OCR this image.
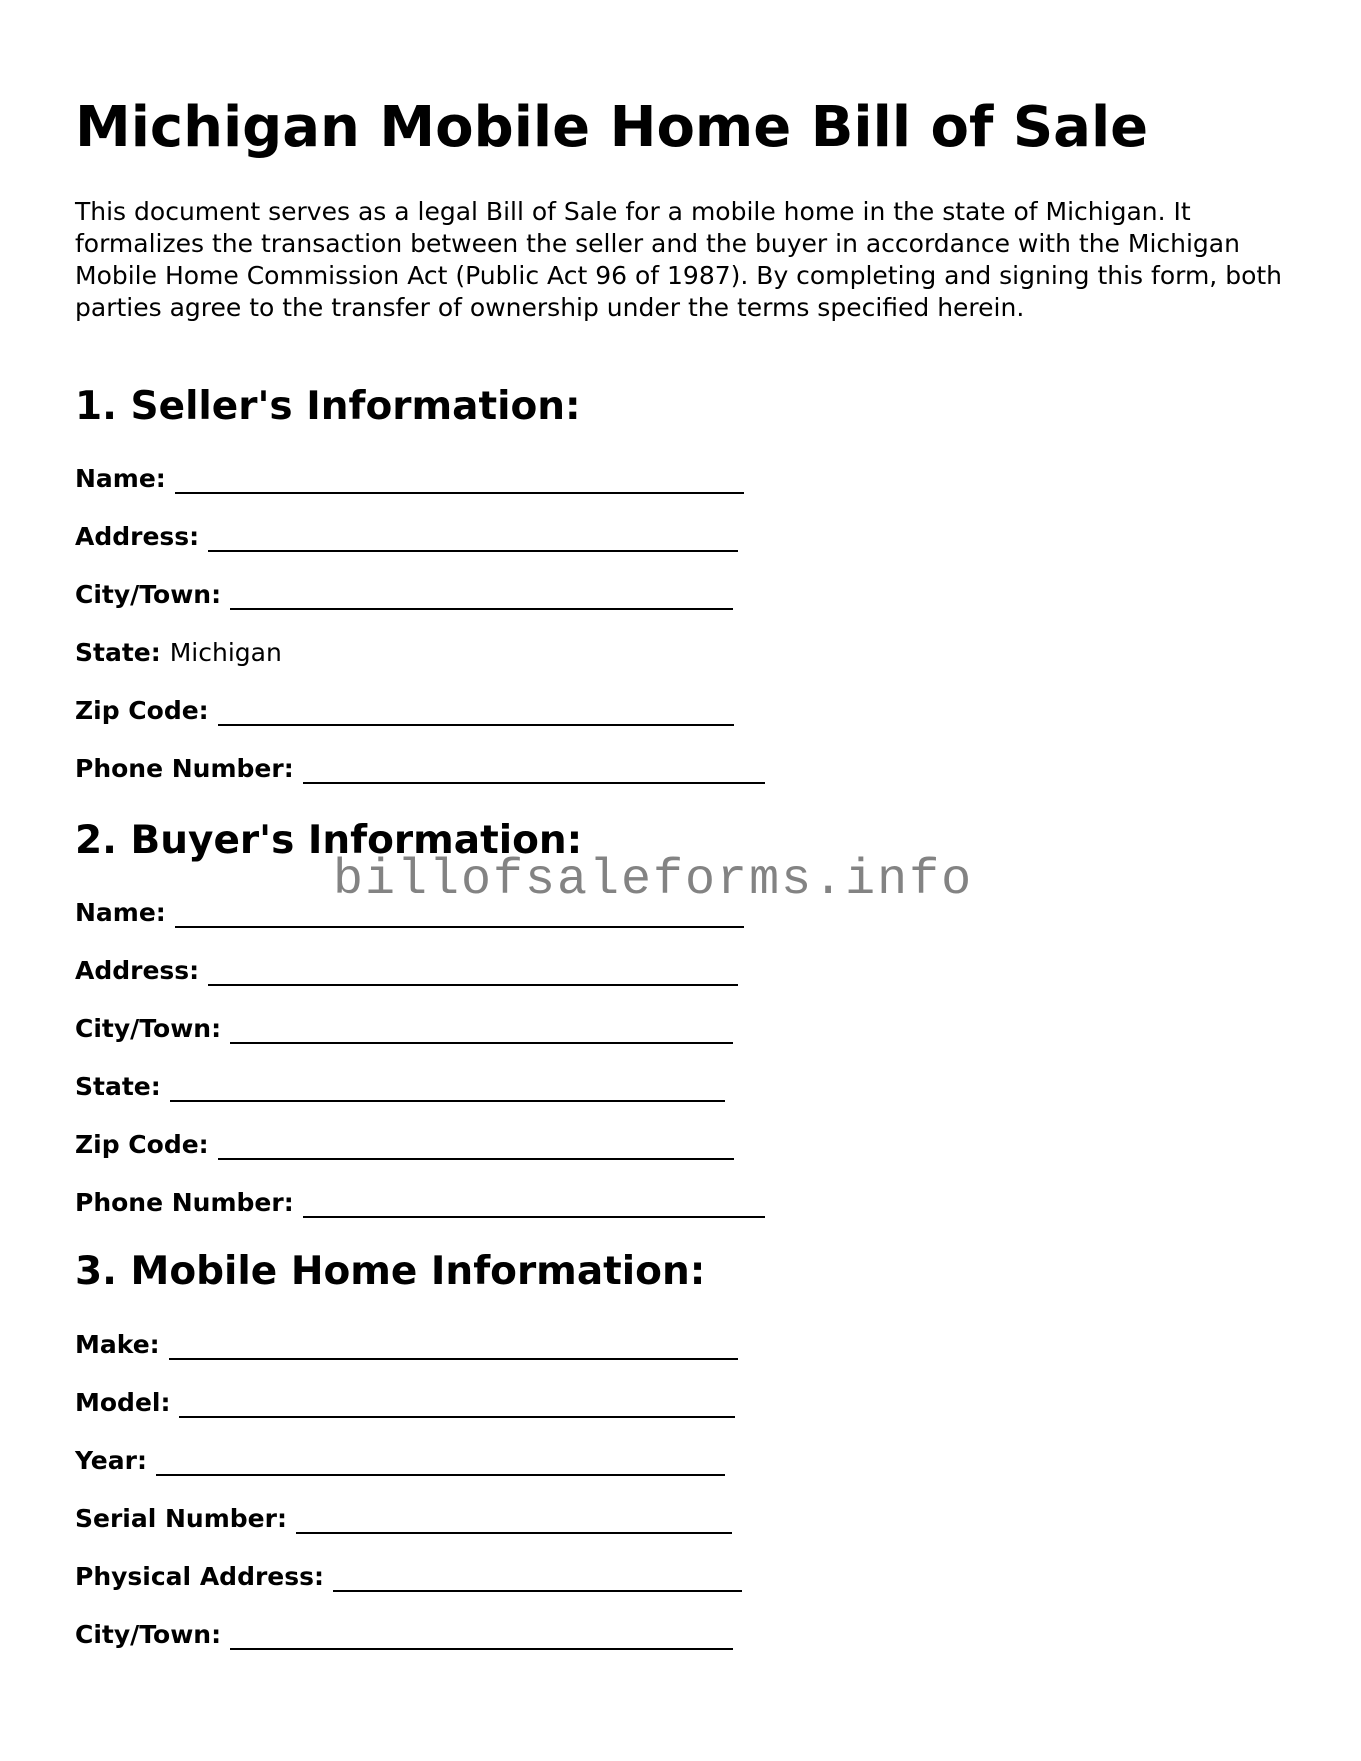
Michigan Mobile Home Bill of Sale

This document serves as a legal Bill of Sale for a mobile home in the state of Michigan. It formalizes the transaction between the seller and the buyer in accordance with the Michigan Mobile Home Commission Act (Public Act 96 of 1987). By completing and signing this form, both parties agree to the transfer of ownership under the terms specified herein.

1. Seller's Information:
Name:
Address:
City/Town:
State: Michigan
Zip Code:
Phone Number:
2. Buyer's Information:
Name:
Address:
City/Town:
State:
Zip Code:
Phone Number:
3. Mobile Home Information:
Make:
Model:
Year:
Serial Number:
Physical Address:
City/Town:
billofsaleforms.info
